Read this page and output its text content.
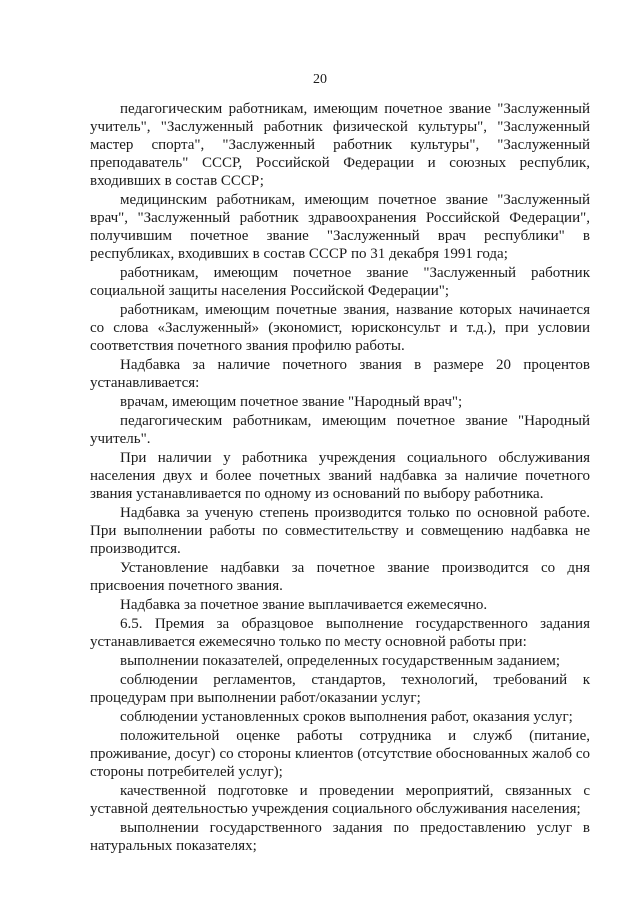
20

педагогическим работникам, имеющим почетное звание "Заслуженный учитель", "Заслуженный работник физической культуры", "Заслуженный мастер спорта", "Заслуженный работник культуры", "Заслуженный преподаватель" СССР, Российской Федерации и союзных республик, входивших в состав СССР;

медицинским работникам, имеющим почетное звание "Заслуженный врач", "Заслуженный работник здравоохранения Российской Федерации", получившим почетное звание "Заслуженный врач республики" в республиках, входивших в состав СССР по 31 декабря 1991 года;

работникам, имеющим почетное звание "Заслуженный работник социальной защиты населения Российской Федерации";

работникам, имеющим почетные звания, название которых начинается со слова «Заслуженный» (экономист, юрисконсульт и т.д.), при условии соответствия почетного звания профилю работы.

Надбавка за наличие почетного звания в размере 20 процентов устанавливается:

врачам, имеющим почетное звание "Народный врач";

педагогическим работникам, имеющим почетное звание "Народный учитель".

При наличии у работника учреждения социального обслуживания населения двух и более почетных званий надбавка за наличие почетного звания устанавливается по одному из оснований по выбору работника.

Надбавка за ученую степень производится только по основной работе. При выполнении работы по совместительству и совмещению надбавка не производится.

Установление надбавки за почетное звание производится со дня присвоения почетного звания.

Надбавка за почетное звание выплачивается ежемесячно.

6.5. Премия за образцовое выполнение государственного задания устанавливается ежемесячно только по месту основной работы при:

выполнении показателей, определенных государственным заданием;

соблюдении регламентов, стандартов, технологий, требований к процедурам при выполнении работ/оказании услуг;

соблюдении установленных сроков выполнения работ, оказания услуг;

положительной оценке работы сотрудника и служб (питание, проживание, досуг) со стороны клиентов (отсутствие обоснованных жалоб со стороны потребителей услуг);

качественной подготовке и проведении мероприятий, связанных с уставной деятельностью учреждения социального обслуживания населения;

выполнении государственного задания по предоставлению услуг в натуральных показателях;
